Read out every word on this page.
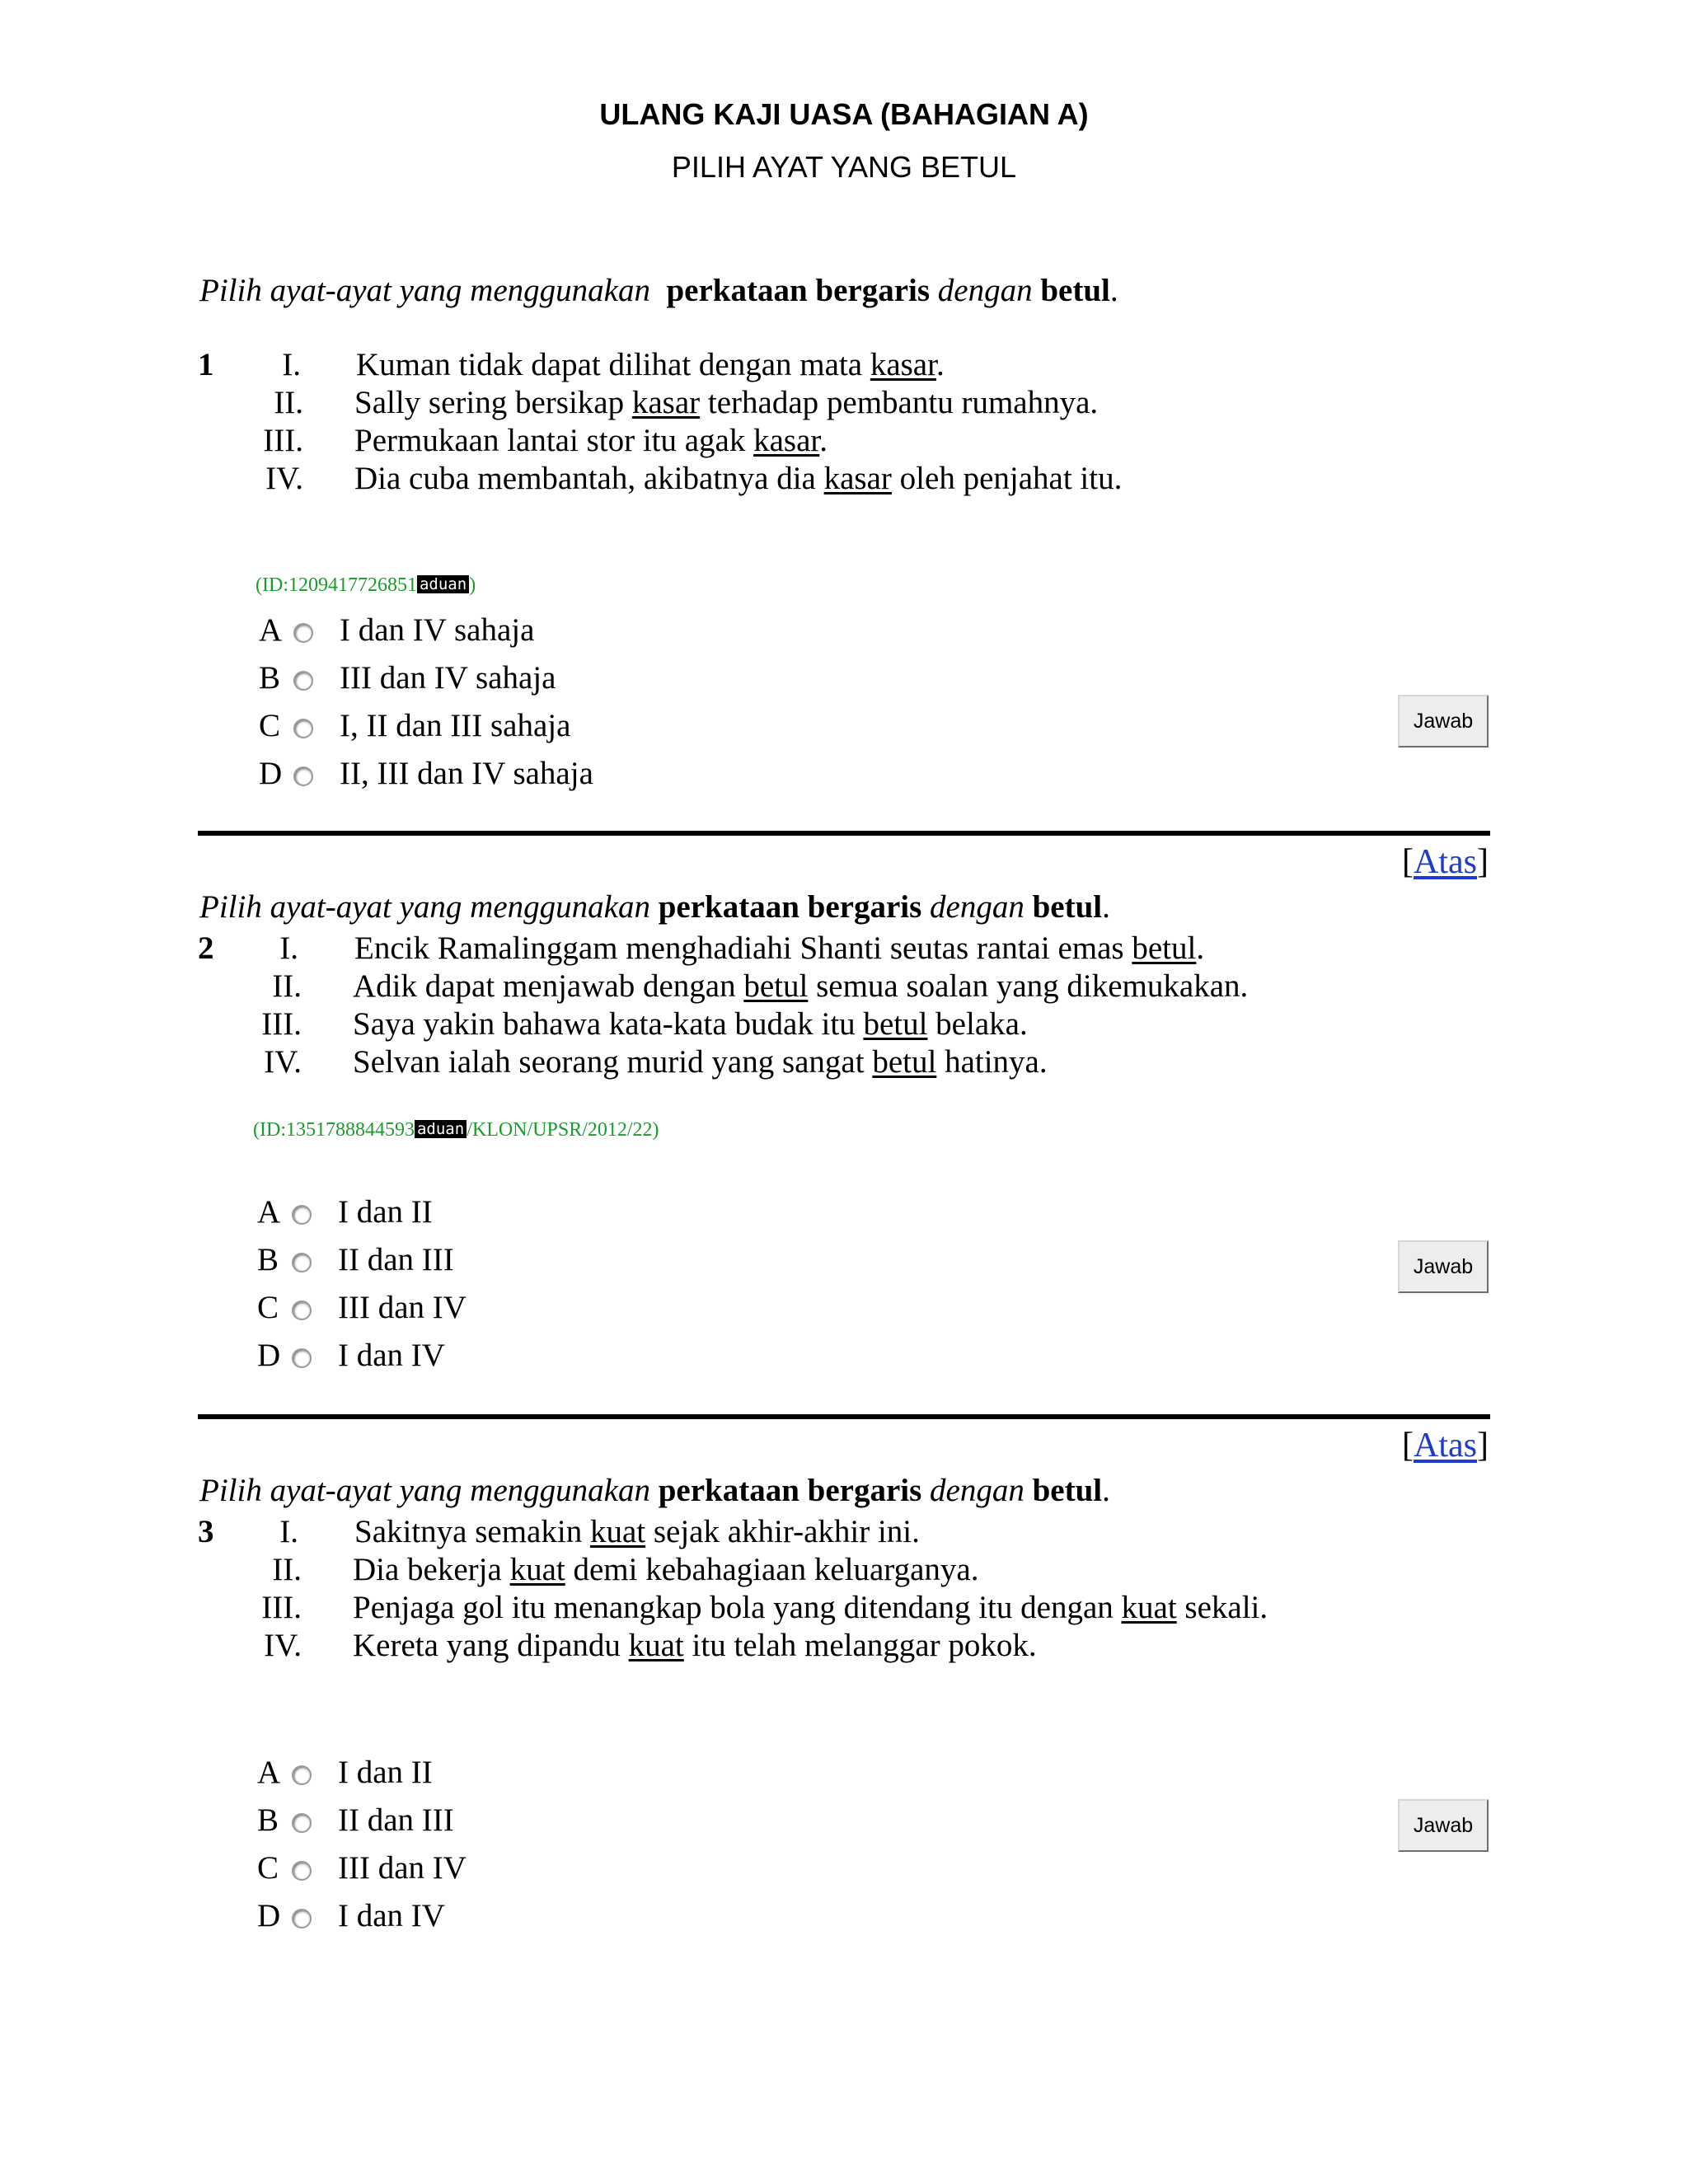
ULANG KAJI UASA (BAHAGIAN A)
PILIH AYAT YANG BETUL
Pilih ayat-ayat yang menggunakan perkataan bergaris dengan betul.
1	I. Kuman tidak dapat dilihat dengan mata kasar.
II. Sally sering bersikap kasar terhadap pembantu rumahnya.
III. Permukaan lantai stor itu agak kasar.
IV. Dia cuba membantah, akibatnya dia kasar oleh penjahat itu.
(ID:1209417726851 aduan )
A I dan IV sahaja
B III dan IV sahaja
C I, II dan III sahaja
D II, III dan IV sahaja
Jawab
[Atas]
Pilih ayat-ayat yang menggunakan perkataan bergaris dengan betul.
2	I. Encik Ramalinggam menghadiahi Shanti seutas rantai emas betul.
II. Adik dapat menjawab dengan betul semua soalan yang dikemukakan.
III. Saya yakin bahawa kata-kata budak itu betul belaka.
IV. Selvan ialah seorang murid yang sangat betul hatinya.
(ID:1351788844593 aduan /KLON/UPSR/2012/22)
A I dan II
B II dan III
C III dan IV
D I dan IV
Jawab
[Atas]
Pilih ayat-ayat yang menggunakan perkataan bergaris dengan betul.
3	I. Sakitnya semakin kuat sejak akhir-akhir ini.
II. Dia bekerja kuat demi kebahagiaan keluarganya.
III. Penjaga gol itu menangkap bola yang ditendang itu dengan kuat sekali.
IV. Kereta yang dipandu kuat itu telah melanggar pokok.
A I dan II
B II dan III
C III dan IV
D I dan IV
Jawab
